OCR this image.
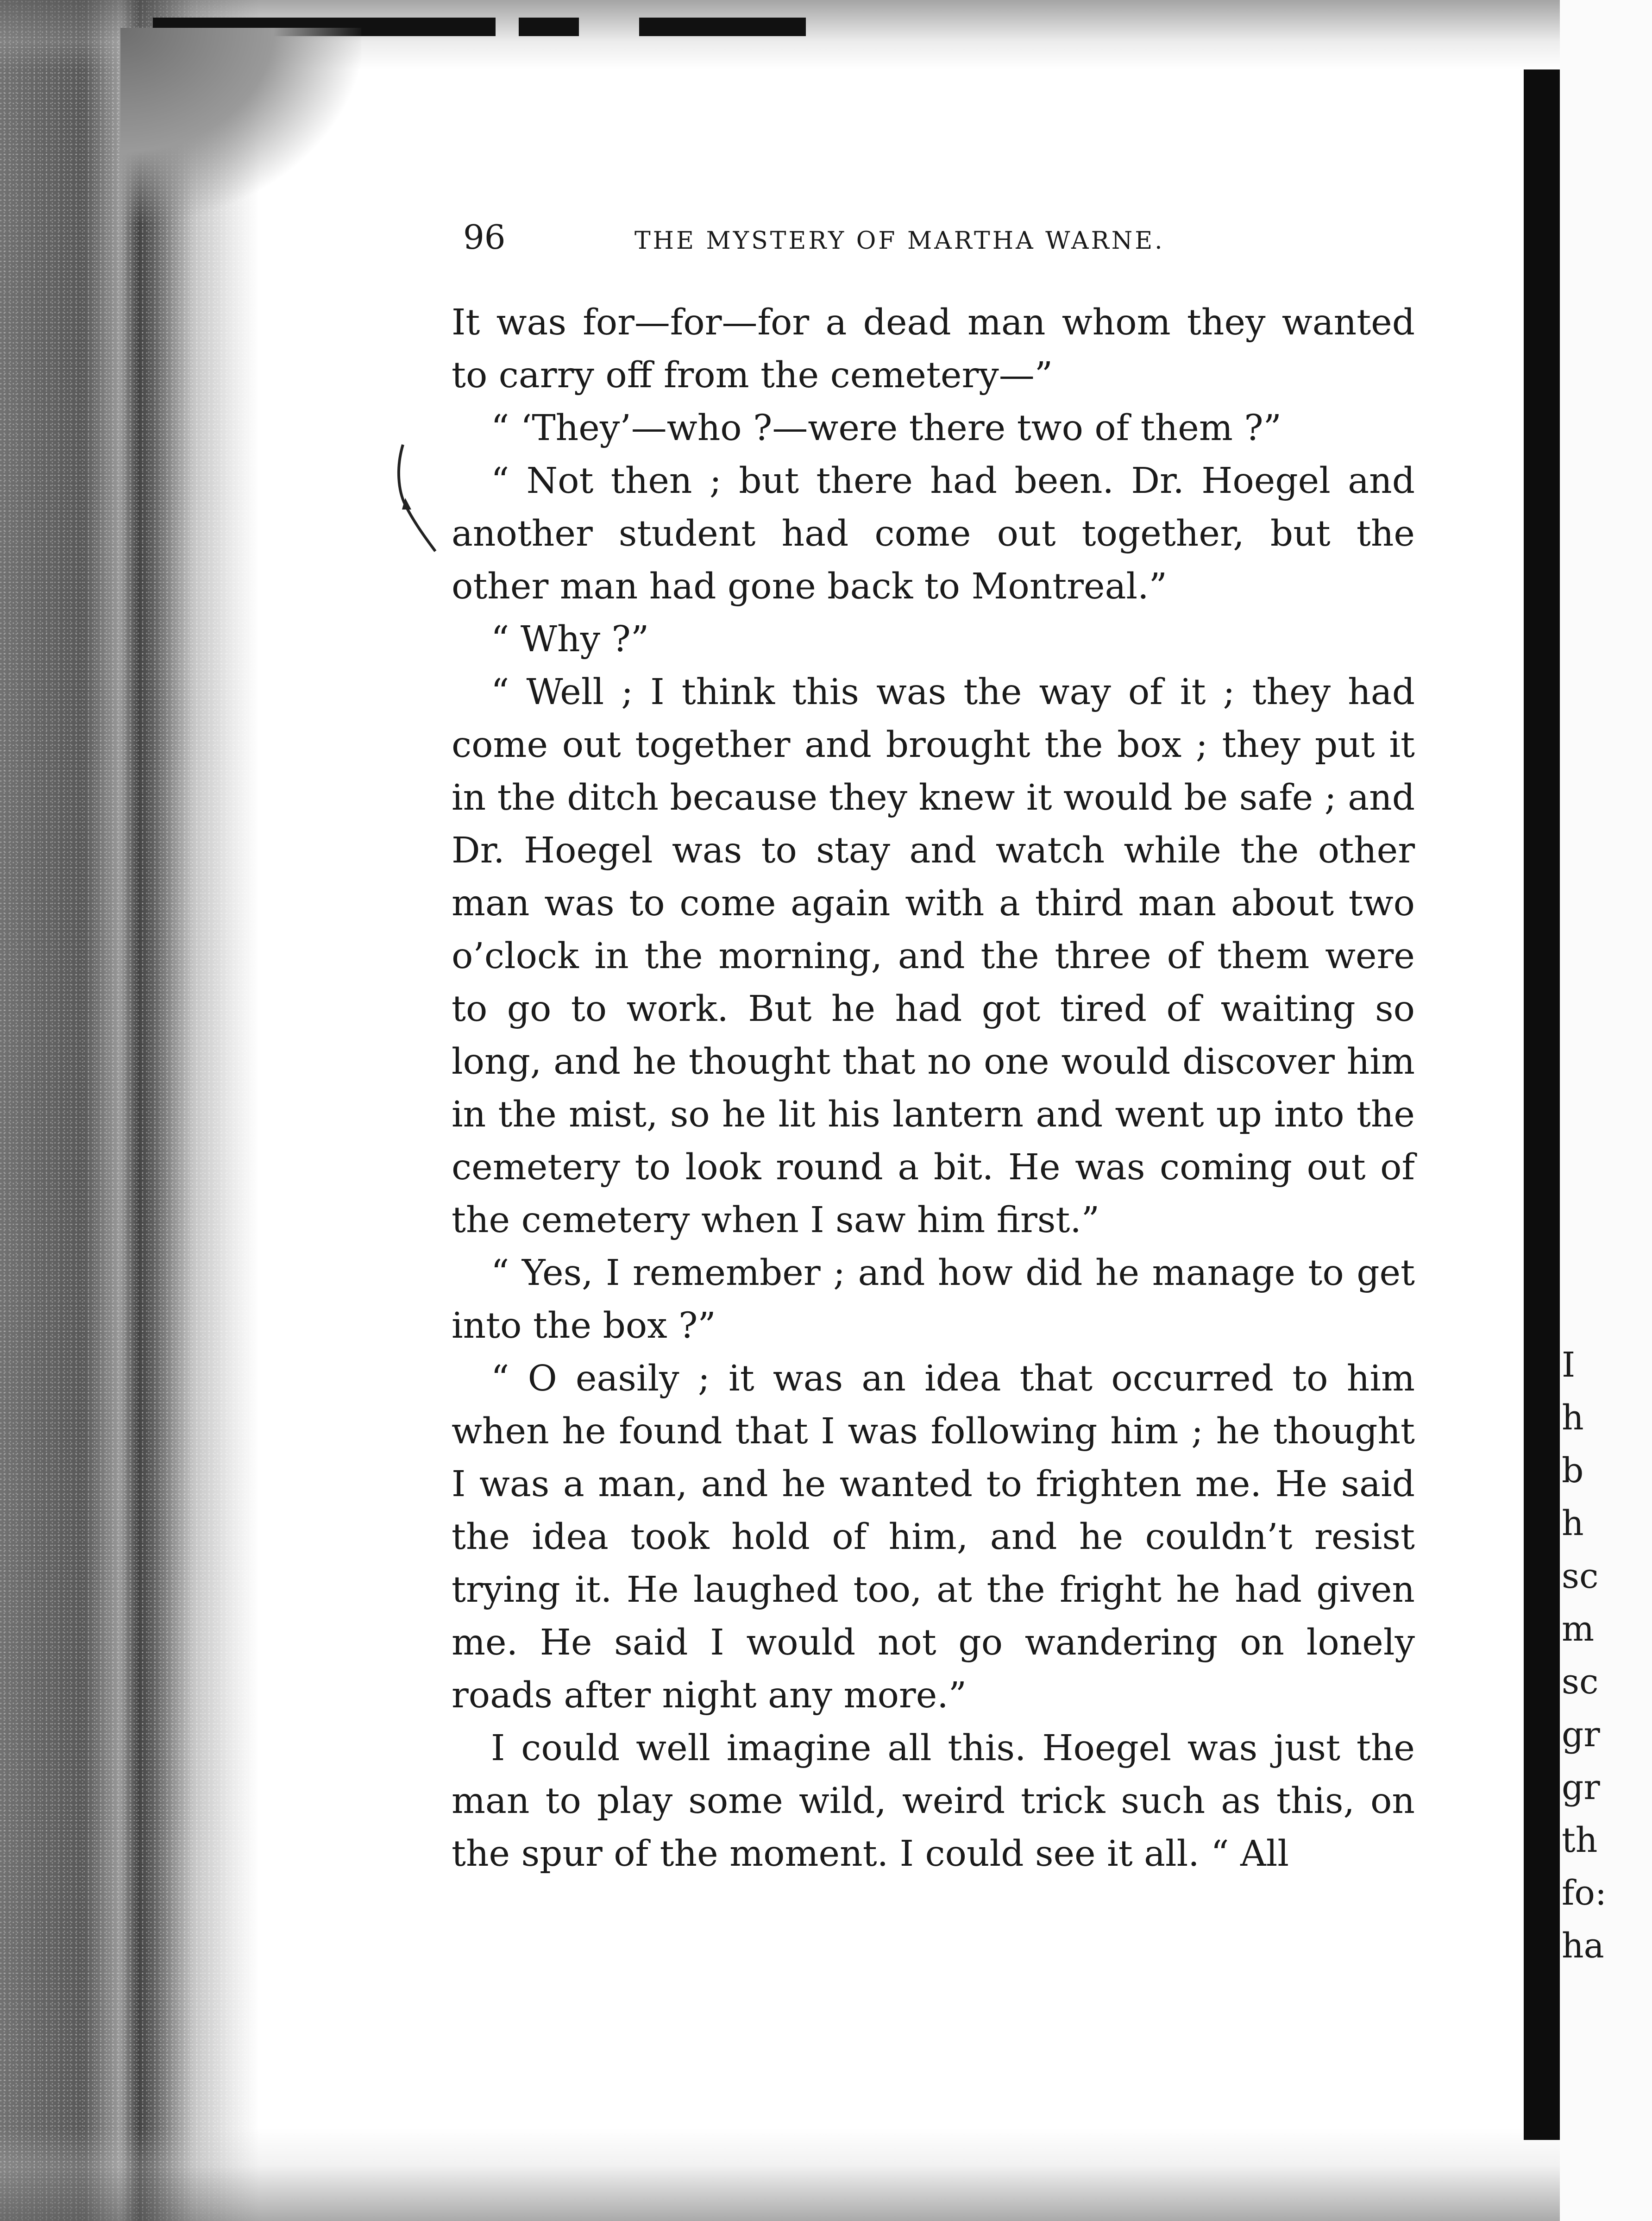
96	THE MYSTERY OF MARTHA WARNE.

It was for—for—for a dead man whom they wanted to carry off from the cemetery—”

“ ‘They’—who ?—were there two of them ?”

“ Not then ; but there had been. Dr. Hoegel and another student had come out together, but the other man had gone back to Montreal.”

“ Why ?”

“ Well ; I think this was the way of it ; they had come out together and brought the box ; they put it in the ditch because they knew it would be safe ; and Dr. Hoegel was to stay and watch while the other man was to come again with a third man about two o’clock in the morning, and the three of them were to go to work. But he had got tired of waiting so long, and he thought that no one would discover him in the mist, so he lit his lantern and went up into the cemetery to look round a bit. He was coming out of the cemetery when I saw him first.”

“ Yes, I remember ; and how did he manage to get into the box ?”

“ O easily ; it was an idea that occurred to him when he found that I was following him ; he thought I was a man, and he wanted to frighten me. He said the idea took hold of him, and he couldn’t resist trying it. He laughed too, at the fright he had given me. He said I would not go wandering on lonely roads after night any more.”

I could well imagine all this. Hoegel was just the man to play some wild, weird trick such as this, on the spur of the moment. I could see it all. “ All

I
h
b
h
sc
m
sc
gr
gr
th
fo:
ha
